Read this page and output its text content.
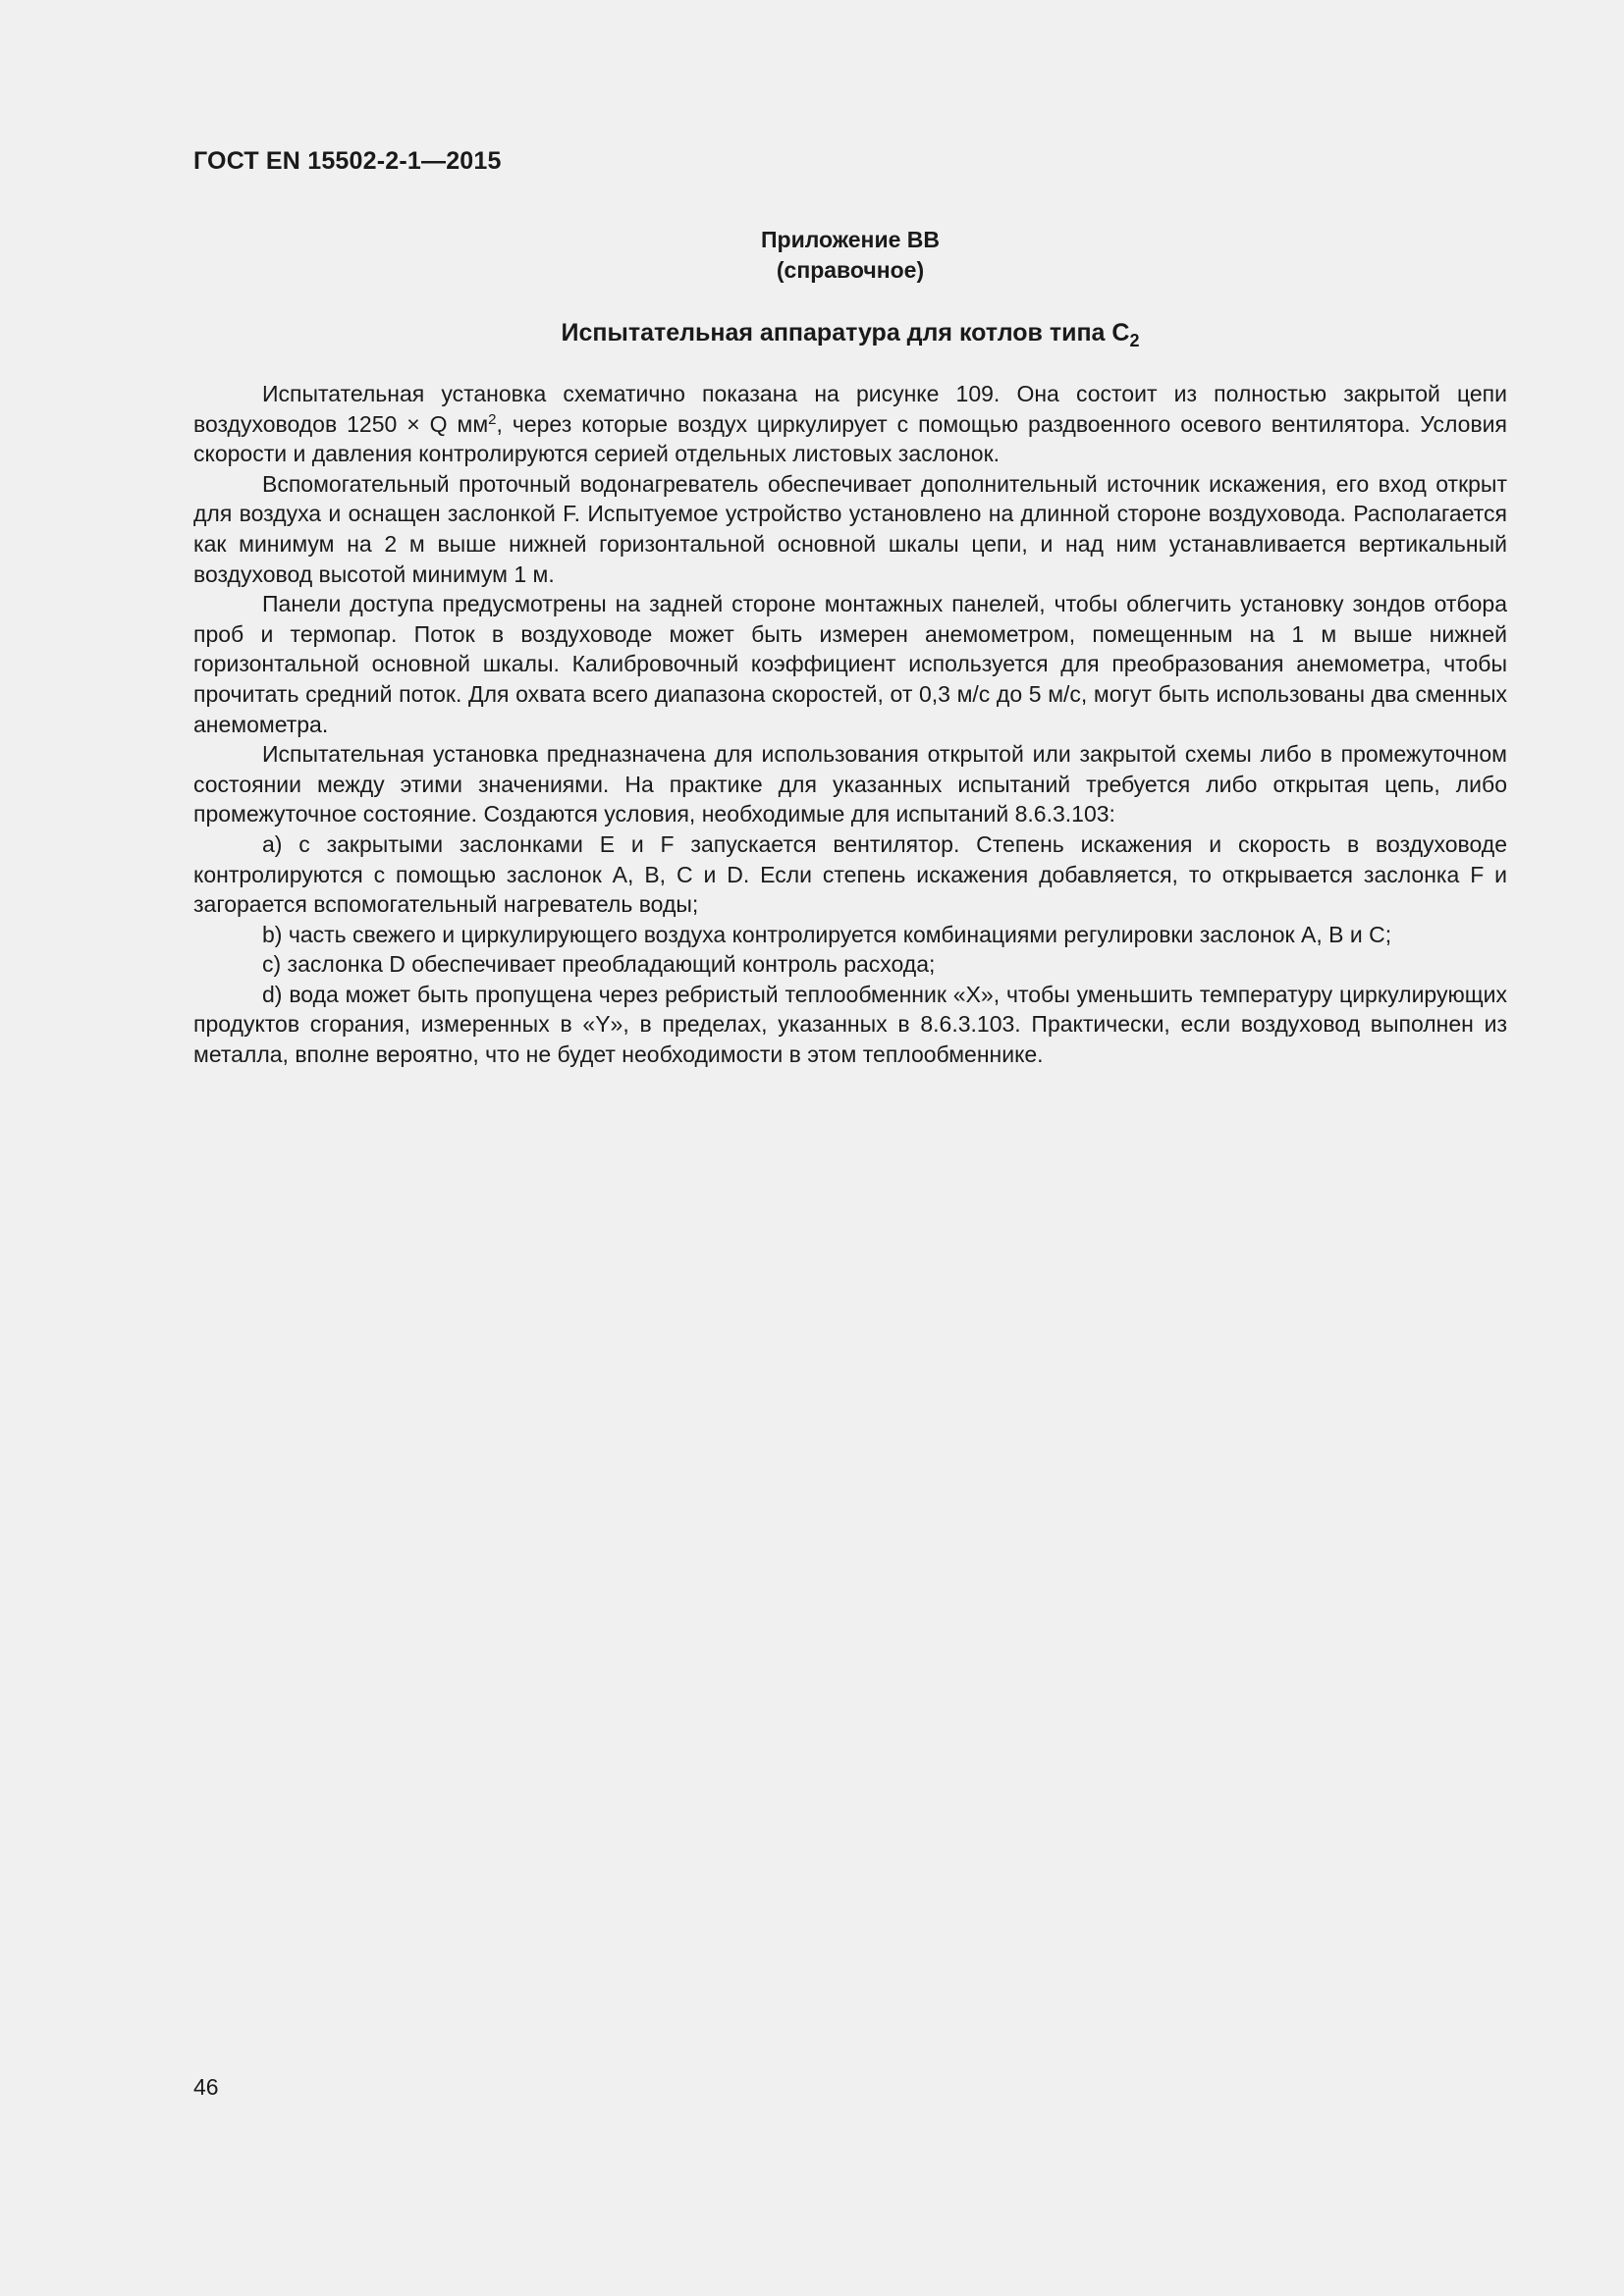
ГОСТ EN 15502-2-1—2015
Приложение ВВ
(справочное)
Испытательная аппаратура для котлов типа $C_2$

Испытательная установка схематично показана на рисунке 109. Она состоит из полностью закрытой цепи воздуховодов 1250 × Q $мм^2$, через которые воздух циркулирует с помощью раздвоенного осевого вентилятора. Условия скорости и давления контролируются серией отдельных листовых заслонок.

Вспомогательный проточный водонагреватель обеспечивает дополнительный источник искажения, его вход открыт для воздуха и оснащен заслонкой F. Испытуемое устройство установлено на длинной стороне воздуховода. Располагается как минимум на 2 м выше нижней горизонтальной основной шкалы цепи, и над ним устанавливается вертикальный воздуховод высотой минимум 1 м.

Панели доступа предусмотрены на задней стороне монтажных панелей, чтобы облегчить установку зондов отбора проб и термопар. Поток в воздуховоде может быть измерен анемометром, помещенным на 1 м выше нижней горизонтальной основной шкалы. Калибровочный коэффициент используется для преобразования анемометра, чтобы прочитать средний поток. Для охвата всего диапазона скоростей, от 0,3 м/с до 5 м/с, могут быть использованы два сменных анемометра.

Испытательная установка предназначена для использования открытой или закрытой схемы либо в промежуточном состоянии между этими значениями. На практике для указанных испытаний требуется либо открытая цепь, либо промежуточное состояние. Создаются условия, необходимые для испытаний 8.6.3.103:

a) с закрытыми заслонками E и F запускается вентилятор. Степень искажения и скорость в воздуховоде контролируются с помощью заслонок A, B, C и D. Если степень искажения добавляется, то открывается заслонка F и загорается вспомогательный нагреватель воды;

b) часть свежего и циркулирующего воздуха контролируется комбинациями регулировки заслонок A, B и C;

c) заслонка D обеспечивает преобладающий контроль расхода;

d) вода может быть пропущена через ребристый теплообменник «X», чтобы уменьшить температуру циркулирующих продуктов сгорания, измеренных в «Y», в пределах, указанных в 8.6.3.103. Практически, если воздуховод выполнен из металла, вполне вероятно, что не будет необходимости в этом теплообменнике.

46
